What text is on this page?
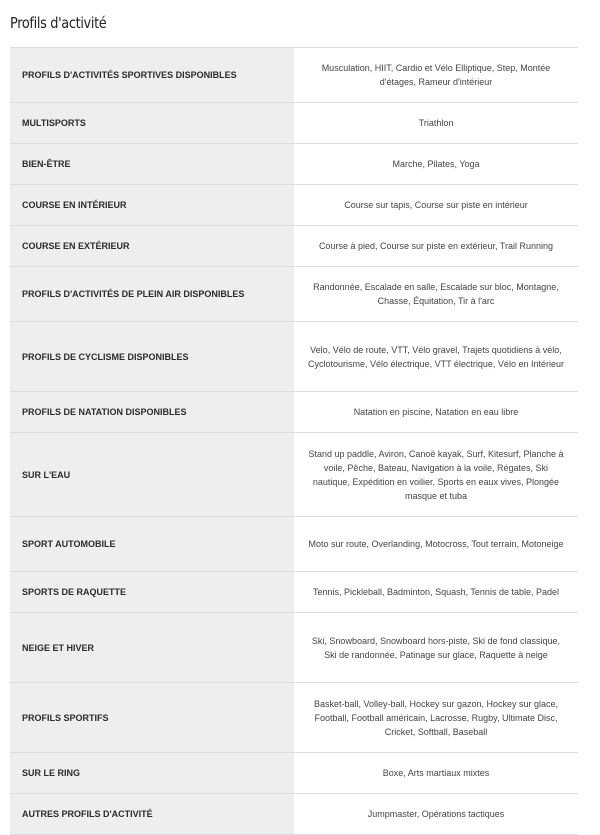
Profils d'activité
PROFILS D'ACTIVITÉS SPORTIVES DISPONIBLES	Musculation, HIIT, Cardio et Vélo Elliptique, Step, Montée d'étages, Rameur d'intérieur
MULTISPORTS	Triathlon
BIEN-ÊTRE	Marche, Pilates, Yoga
COURSE EN INTÉRIEUR	Course sur tapis, Course sur piste en intérieur
COURSE EN EXTÉRIEUR	Course à pied, Course sur piste en extérieur, Trail Running
PROFILS D'ACTIVITÉS DE PLEIN AIR DISPONIBLES	Randonnée, Escalade en salle, Escalade sur bloc, Montagne, Chasse, Équitation, Tir à l'arc
PROFILS DE CYCLISME DISPONIBLES	Velo, Vélo de route, VTT, Vélo gravel, Trajets quotidiens à vélo, Cyclotourisme, Vélo électrique, VTT électrique, Vélo en Intérieur
PROFILS DE NATATION DISPONIBLES	Natation en piscine, Natation en eau libre
SUR L'EAU	Stand up paddle, Aviron, Canoë kayak, Surf, Kitesurf, Planche à voile, Pêche, Bateau, Navigation à la voile, Régates, Ski nautique, Expédition en voilier, Sports en eaux vives, Plongée masque et tuba
SPORT AUTOMOBILE	Moto sur route, Overlanding, Motocross, Tout terrain, Motoneige
SPORTS DE RAQUETTE	Tennis, Pickleball, Badminton, Squash, Tennis de table, Padel
NEIGE ET HIVER	Ski, Snowboard, Snowboard hors-piste, Ski de fond classique, Ski de randonnée, Patinage sur glace, Raquette à neige
PROFILS SPORTIFS	Basket-ball, Volley-ball, Hockey sur gazon, Hockey sur glace, Football, Football américain, Lacrosse, Rugby, Ultimate Disc, Cricket, Softball, Baseball
SUR LE RING	Boxe, Arts martiaux mixtes
AUTRES PROFILS D'ACTIVITÉ	Jumpmaster, Opérations tactiques
